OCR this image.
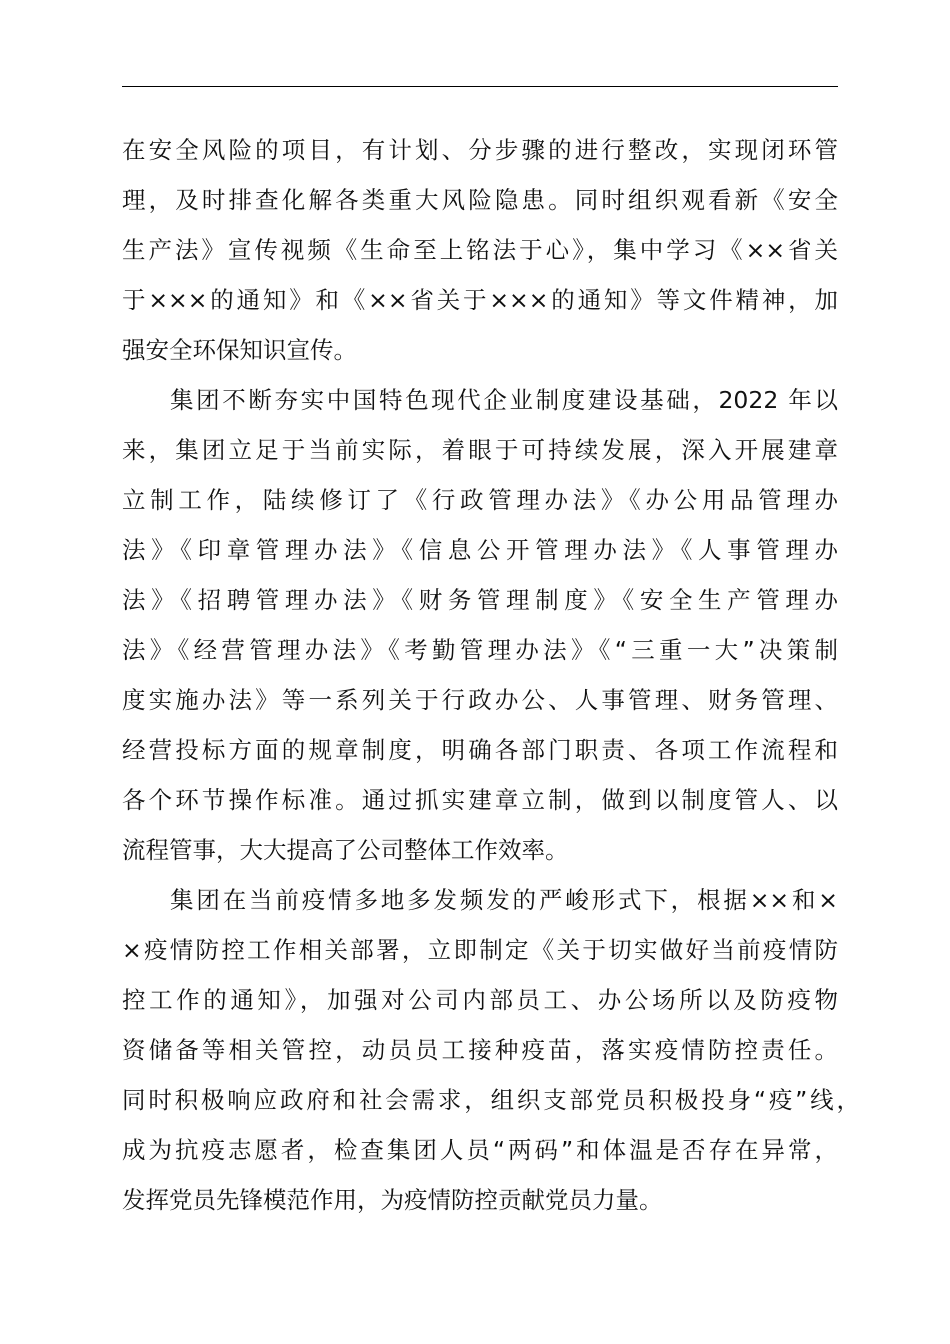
在安全风险的项目，有计划、分步骤的进行整改，实现闭环管
理，及时排查化解各类重大风险隐患。同时组织观看新《安全
生产法》宣传视频《生命至上铭法于心》，集中学习《××省关
于×××的通知》和《××省关于×××的通知》等文件精神，加
强安全环保知识宣传。
集团不断夯实中国特色现代企业制度建设基础，2022 年以
来，集团立足于当前实际，着眼于可持续发展，深入开展建章
立制工作，陆续修订了《行政管理办法》《办公用品管理办
法》《印章管理办法》《信息公开管理办法》《人事管理办
法》《招聘管理办法》《财务管理制度》《安全生产管理办
法》《经营管理办法》《考勤管理办法》《“三重一大”决策制
度实施办法》等一系列关于行政办公、人事管理、财务管理、
经营投标方面的规章制度，明确各部门职责、各项工作流程和
各个环节操作标准。通过抓实建章立制，做到以制度管人、以
流程管事，大大提高了公司整体工作效率。
集团在当前疫情多地多发频发的严峻形式下，根据××和×
×疫情防控工作相关部署，立即制定《关于切实做好当前疫情防
控工作的通知》，加强对公司内部员工、办公场所以及防疫物
资储备等相关管控，动员员工接种疫苗，落实疫情防控责任。
同时积极响应政府和社会需求，组织支部党员积极投身“疫”线，
成为抗疫志愿者，检查集团人员“两码”和体温是否存在异常，
发挥党员先锋模范作用，为疫情防控贡献党员力量。
